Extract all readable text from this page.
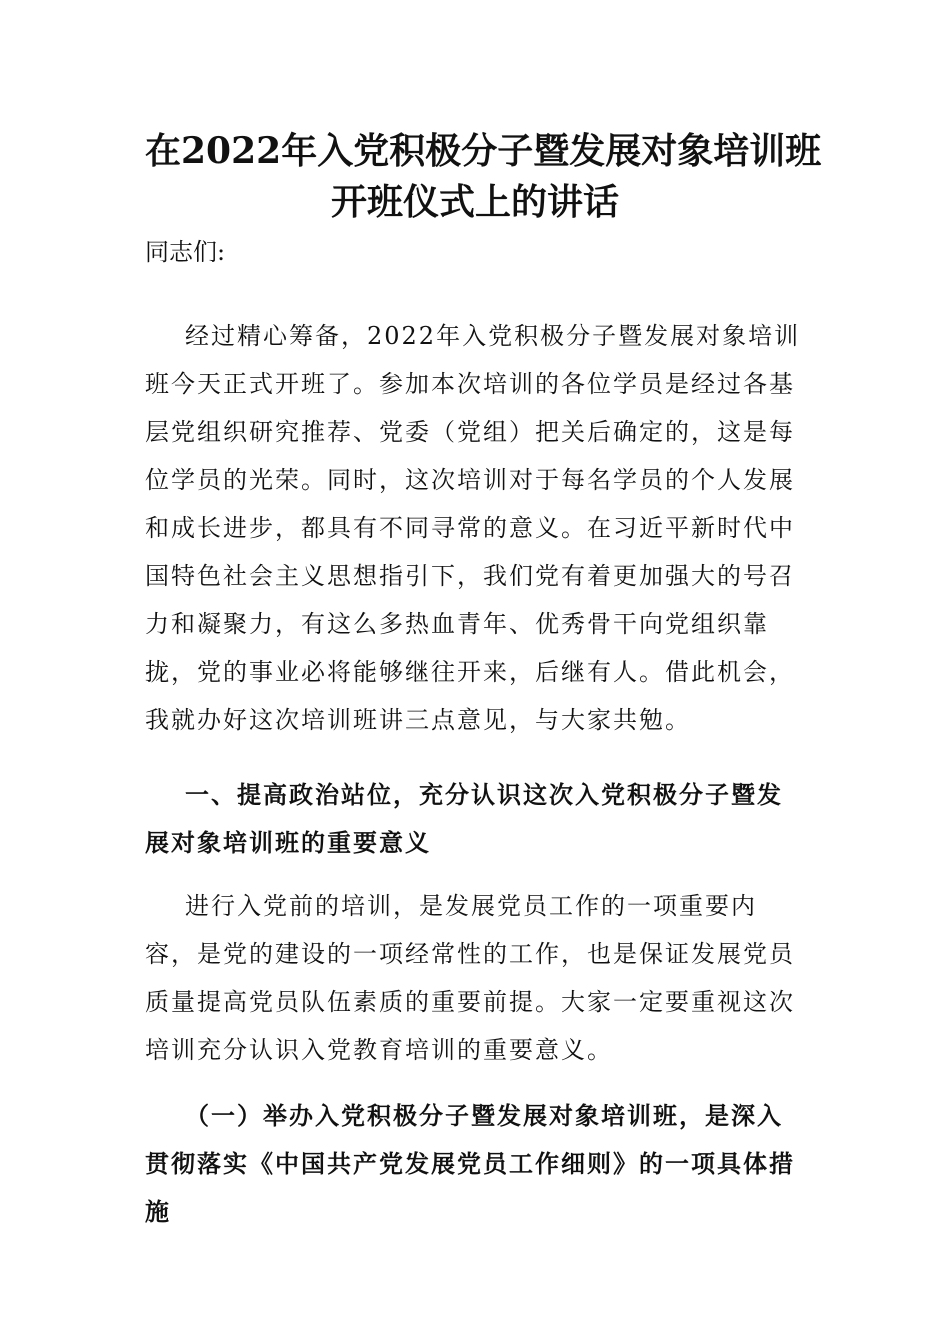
在2022年入党积极分子暨发展对象培训班
开班仪式上的讲话

同志们:

经过精心筹备，2022年入党积极分子暨发展对象培训班今天正式开班了。参加本次培训的各位学员是经过各基层党组织研究推荐、党委（党组）把关后确定的，这是每位学员的光荣。同时，这次培训对于每名学员的个人发展和成长进步，都具有不同寻常的意义。在习近平新时代中国特色社会主义思想指引下，我们党有着更加强大的号召力和凝聚力，有这么多热血青年、优秀骨干向党组织靠拢，党的事业必将能够继往开来，后继有人。借此机会，我就办好这次培训班讲三点意见，与大家共勉。

一、提高政治站位，充分认识这次入党积极分子暨发展对象培训班的重要意义

进行入党前的培训，是发展党员工作的一项重要内容，是党的建设的一项经常性的工作，也是保证发展党员质量提高党员队伍素质的重要前提。大家一定要重视这次培训充分认识入党教育培训的重要意义。

（一）举办入党积极分子暨发展对象培训班，是深入贯彻落实《中国共产党发展党员工作细则》的一项具体措施
